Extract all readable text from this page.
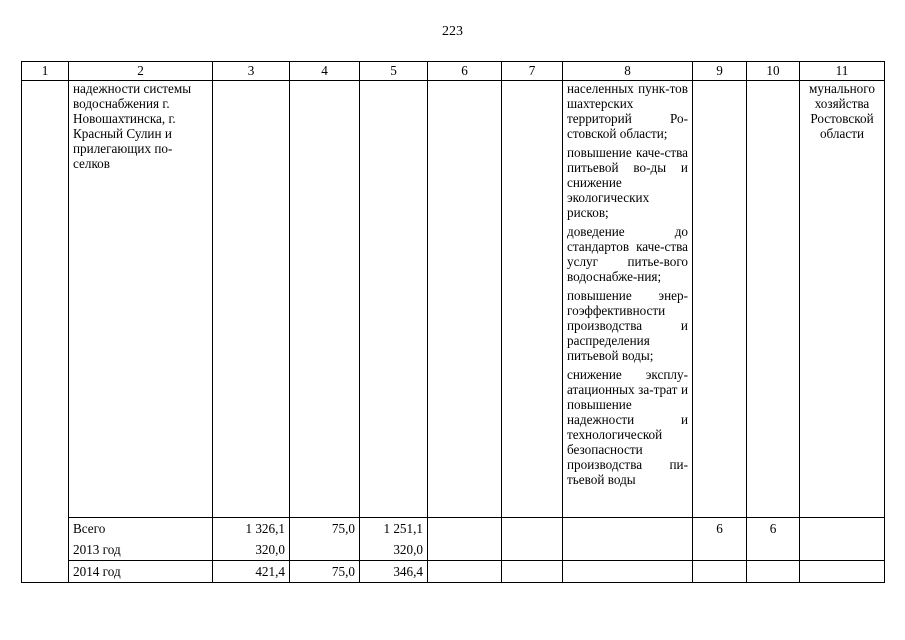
223
1	2	3	4	5	6	7	8	9	10	11
	надежности системы водоснабжения г. Новошахтинска, г. Красный Сулин и прилегающих по-селков						населенных пунк-тов шахтерских территорий Ро-стовской области;

повышение каче-ства питьевой во-ды и снижение экологических рисков;

доведение до стандартов каче-ства услуг питье-вого водоснабже-ния;

повышение энер-гоэффективности производства и распределения питьевой воды;

снижение эксплу-атационных за-трат и повышение надежности и технологической безопасности производства пи-тьевой воды			мунального хозяйства Ростовской области
	Всего	1 326,1	75,0	1 251,1				6	6	
	2013 год	320,0		320,0						
	2014 год	421,4	75,0	346,4						
